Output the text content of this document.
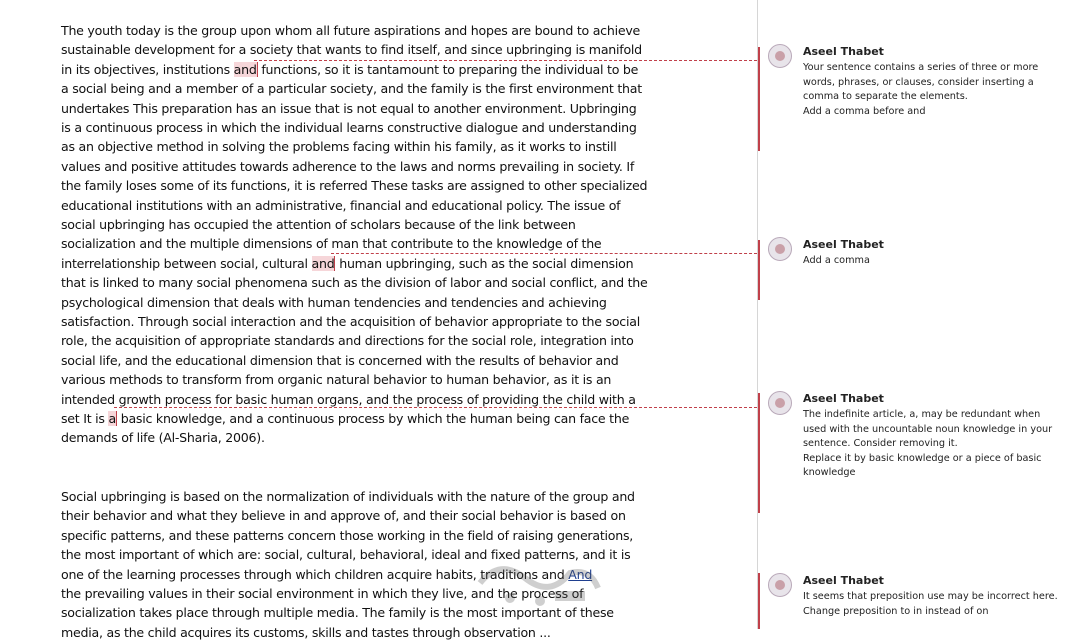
The youth today is the group upon whom all future aspirations and hopes are bound to achieve
sustainable development for a society that wants to find itself, and since upbringing is manifold
in its objectives, institutions and functions, so it is tantamount to preparing the individual to be
a social being and a member of a particular society, and the family is the first environment that
undertakes This preparation has an issue that is not equal to another environment. Upbringing
is a continuous process in which the individual learns constructive dialogue and understanding
as an objective method in solving the problems facing within his family, as it works to instill
values and positive attitudes towards adherence to the laws and norms prevailing in society. If
the family loses some of its functions, it is referred These tasks are assigned to other specialized
educational institutions with an administrative, financial and educational policy. The issue of
social upbringing has occupied the attention of scholars because of the link between
socialization and the multiple dimensions of man that contribute to the knowledge of the
interrelationship between social, cultural and human upbringing, such as the social dimension
that is linked to many social phenomena such as the division of labor and social conflict, and the
psychological dimension that deals with human tendencies and tendencies and achieving
satisfaction. Through social interaction and the acquisition of behavior appropriate to the social
role, the acquisition of appropriate standards and directions for the social role, integration into
social life, and the educational dimension that is concerned with the results of behavior and
various methods to transform from organic natural behavior to human behavior, as it is an
intended growth process for basic human organs, and the process of providing the child with a
set It is a basic knowledge, and a continuous process by which the human being can face the
demands of life (Al-Sharia, 2006).
Social upbringing is based on the normalization of individuals with the nature of the group and
their behavior and what they believe in and approve of, and their social behavior is based on
specific patterns, and these patterns concern those working in the field of raising generations,
the most important of which are: social, cultural, behavioral, ideal and fixed patterns, and it is
one of the learning processes through which children acquire habits, traditions and And
the prevailing values in their social environment in which they live, and the process of
socialization takes place through multiple media. The family is the most important of these
media, as the child acquires its customs, skills and tastes through observation ...
Aseel Thabet

Your sentence contains a series of three or more words, phrases, or clauses, consider inserting a comma to separate the elements.

Add a comma before and

Aseel Thabet

Add a comma

Aseel Thabet

The indefinite article, a, may be redundant when used with the uncountable noun knowledge in your sentence. Consider removing it.

Replace it by basic knowledge or a piece of basic knowledge

Aseel Thabet

It seems that preposition use may be incorrect here.

Change preposition to in instead of on
